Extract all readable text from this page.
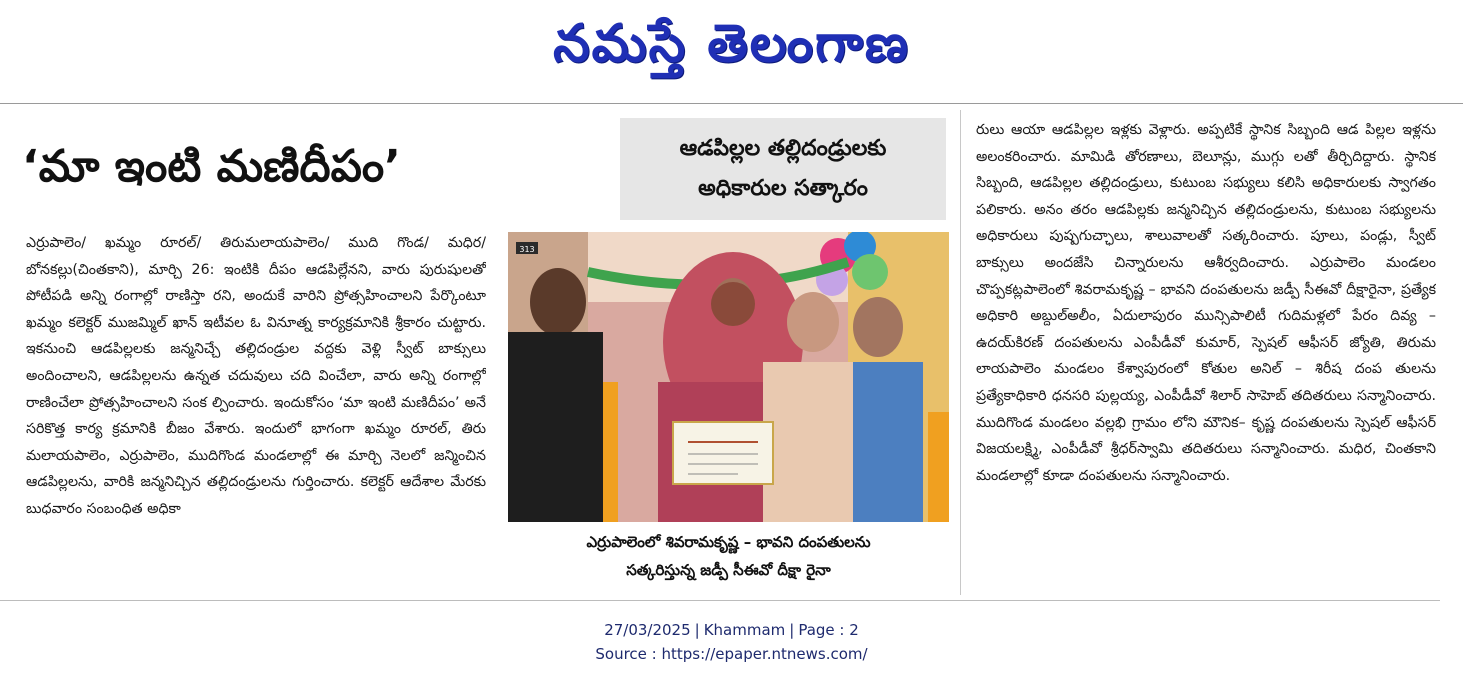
నమస్తే తెలంగాణ
‘మా ఇంటి మణిదీపం’	ఆడపిల్లల తల్లిదండ్రులకు
అధికారుల సత్కారం
ఎర్రుపాలెం/ ఖమ్మం రూరల్/ తిరుమలాయపాలెం/ ముది గొండ/ మధిర/ బోనకల్లు(చింతకాని), మార్చి 26: ఇంటికి దీపం ఆడపిల్లేనని, వారు పురుషులతో పోటీపడి అన్ని రంగాల్లో రాణిస్తా రని, అందుకే వారిని ప్రోత్సహించాలని పేర్కొంటూ ఖమ్మం కలెక్టర్ ముజమ్మిల్ ఖాన్ ఇటీవల ఓ వినూత్న కార్యక్రమానికి శ్రీకారం చుట్టారు. ఇకనుంచి ఆడపిల్లలకు జన్మనిచ్చే తల్లిదండ్రుల వద్దకు వెళ్లి స్వీట్ బాక్సులు అందించాలని, ఆడపిల్లలను ఉన్నత చదువులు చది వించేలా, వారు అన్ని రంగాల్లో రాణించేలా ప్రోత్సహించాలని సంక ల్పించారు. ఇందుకోసం ‘మా ఇంటి మణిదీపం’ అనే సరికొత్త కార్య క్రమానికి బీజం వేశారు. ఇందులో భాగంగా ఖమ్మం రూరల్, తిరు మలాయపాలెం, ఎర్రుపాలెం, ముదిగొండ మండలాల్లో ఈ మార్చి నెలలో జన్మించిన ఆడపిల్లలను, వారికి జన్మనిచ్చిన తల్లిదండ్రులను గుర్తించారు. కలెక్టర్ ఆదేశాల మేరకు బుధవారం సంబంధిత అధికా
313
ఎర్రుపాలెంలో శివరామకృష్ణ – భావని దంపతులను
సత్కరిస్తున్న జడ్పీ సీఈవో దీక్షా రైనా
రులు ఆయా ఆడపిల్లల ఇళ్లకు వెళ్లారు. అప్పటికే స్థానిక సిబ్బంది ఆడ పిల్లల ఇళ్లను అలంకరించారు. మామిడి తోరణాలు, బెలూన్లు, ముగ్గు లతో తీర్చిదిద్దారు. స్థానిక సిబ్బంది, ఆడపిల్లల తల్లిదండ్రులు, కుటుంబ సభ్యులు కలిసి అధికారులకు స్వాగతం పలికారు. అనం తరం ఆడపిల్లకు జన్మనిచ్చిన తల్లిదండ్రులను, కుటుంబ సభ్యులను అధికారులు పుష్పగుచ్ఛాలు, శాలువాలతో సత్కరించారు. పూలు, పండ్లు, స్వీట్ బాక్సులు అందజేసి చిన్నారులను ఆశీర్వదించారు. ఎర్రుపాలెం మండలం చొప్పకట్లపాలెంలో శివరామకృష్ణ – భావని దంపతులను జడ్పీ సీఈవో దీక్షారైనా, ప్రత్యేక అధికారి అబ్దుల్‌అలీం, ఏదులాపురం మున్సిపాలిటీ గుదిమళ్లలో పేరం దివ్య – ఉదయ్‌కిరణ్ దంపతులను ఎంపీడీవో కుమార్, స్పెషల్ ఆఫీసర్ జ్యోతి, తిరుమ లాయపాలెం మండలం కేశ్వాపురంలో కోతుల అనిల్ – శిరీష దంప తులను ప్రత్యేకాధికారి ధనసరి పుల్లయ్య, ఎంపీడీవో శిలార్ సాహెబ్ తదితరులు సన్మానించారు. ముదిగొండ మండలం వల్లభి గ్రామం లోని మౌనిక– కృష్ణ దంపతులను స్పెషల్ ఆఫీసర్ విజయలక్ష్మి, ఎంపీడీవో శ్రీధర్‌స్వామి తదితరులు సన్మానించారు. మధిర, చింతకాని మండలాల్లో కూడా దంపతులను సన్మానించారు.
27/03/2025 | Khammam | Page : 2
Source : https://epaper.ntnews.com/
